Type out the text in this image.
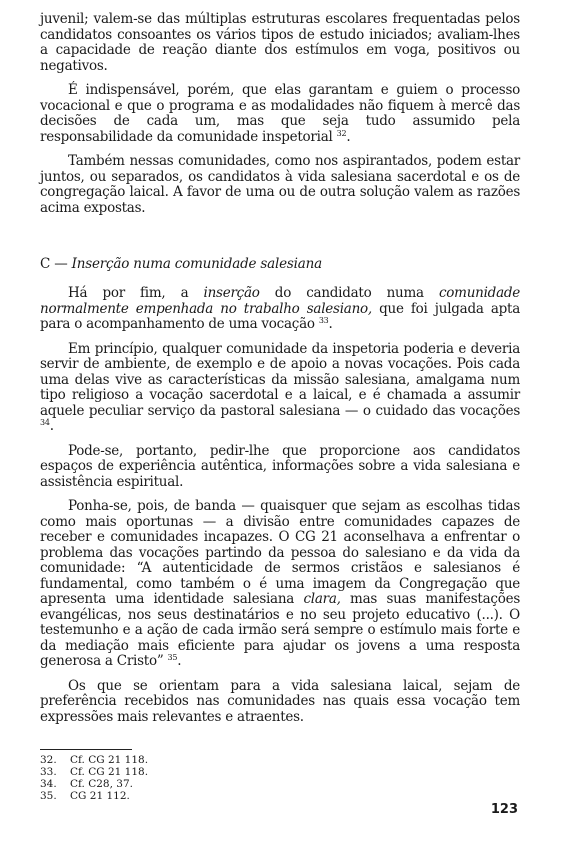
juvenil; valem-se das múltiplas estruturas escolares frequentadas pelos candidatos consoantes os vários tipos de estudo iniciados; avaliam-lhes a capacidade de reação diante dos estímulos em voga, positivos ou negativos.

É indispensável, porém, que elas garantam e guiem o processo vocacional e que o programa e as modalidades não fiquem à mercê das decisões de cada um, mas que seja tudo assumido pela responsabilidade da comunidade inspetorial $^{32}$.

Também nessas comunidades, como nos aspirantados, podem estar juntos, ou separados, os candidatos à vida salesiana sacerdotal e os de congregação laical. A favor de uma ou de outra solução valem as razões acima expostas.

C — Inserção numa comunidade salesiana

Há por fim, a inserção do candidato numa comunidade normalmente empenhada no trabalho salesiano, que foi julgada apta para o acompanhamento de uma vocação $^{33}$.

Em princípio, qualquer comunidade da inspetoria poderia e deveria servir de ambiente, de exemplo e de apoio a novas vocações. Pois cada uma delas vive as características da missão salesiana, amalgama num tipo religioso a vocação sacerdotal e a laical, e é chamada a assumir aquele peculiar serviço da pastoral salesiana — o cuidado das vocações $^{34}$.

Pode-se, portanto, pedir-lhe que proporcione aos candidatos espaços de experiência autêntica, informações sobre a vida salesiana e assistência espiritual.

Ponha-se, pois, de banda — quaisquer que sejam as escolhas tidas como mais oportunas — a divisão entre comunidades capazes de receber e comunidades incapazes. O CG 21 aconselhava a enfrentar o problema das vocações partindo da pessoa do salesiano e da vida da comunidade: “A autenticidade de sermos cristãos e salesianos é fundamental, como também o é uma imagem da Congregação que apresenta uma identidade salesiana clara, mas suas manifestações evangélicas, nos seus destinatários e no seu projeto educativo (...). O testemunho e a ação de cada irmão será sempre o estímulo mais forte e da mediação mais eficiente para ajudar os jovens a uma resposta generosa a Cristo” $^{35}$.

Os que se orientam para a vida salesiana laical, sejam de preferência recebidos nas comunidades nas quais essa vocação tem expressões mais relevantes e atraentes.

32.	Cf. CG 21 118.
33.	Cf. CG 21 118.
34.	Cf. C28, 37.
35.	CG 21 112.
123
